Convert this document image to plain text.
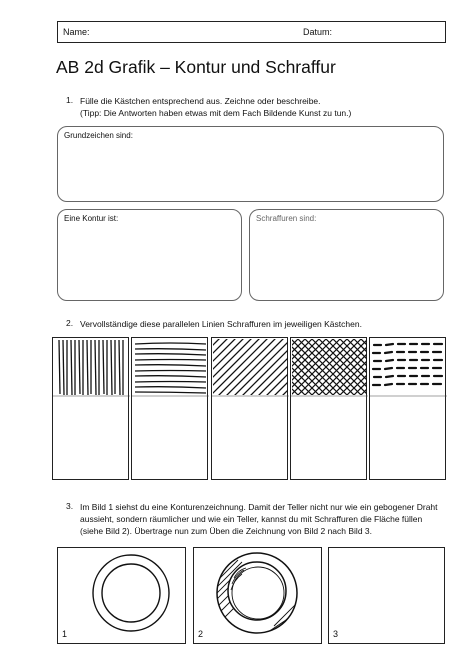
Name:	Datum:
AB 2d Grafik – Kontur und Schraffur
1. Fülle die Kästchen entsprechend aus. Zeichne oder beschreibe.
(Tipp: Die Antworten haben etwas mit dem Fach Bildende Kunst zu tun.)
Grundzeichen sind:
Eine Kontur ist:	Schraffuren sind:
2. Vervollständige diese parallelen Linien Schraffuren im jeweiligen Kästchen.
3. Im Bild 1 siehst du eine Konturenzeichnung. Damit der Teller nicht nur wie ein gebogener Draht
aussieht, sondern räumlicher und wie ein Teller, kannst du mit Schraffuren die Fläche füllen
(siehe Bild 2). Übertrage nun zum Üben die Zeichnung von Bild 2 nach Bild 3.
1	2	3
